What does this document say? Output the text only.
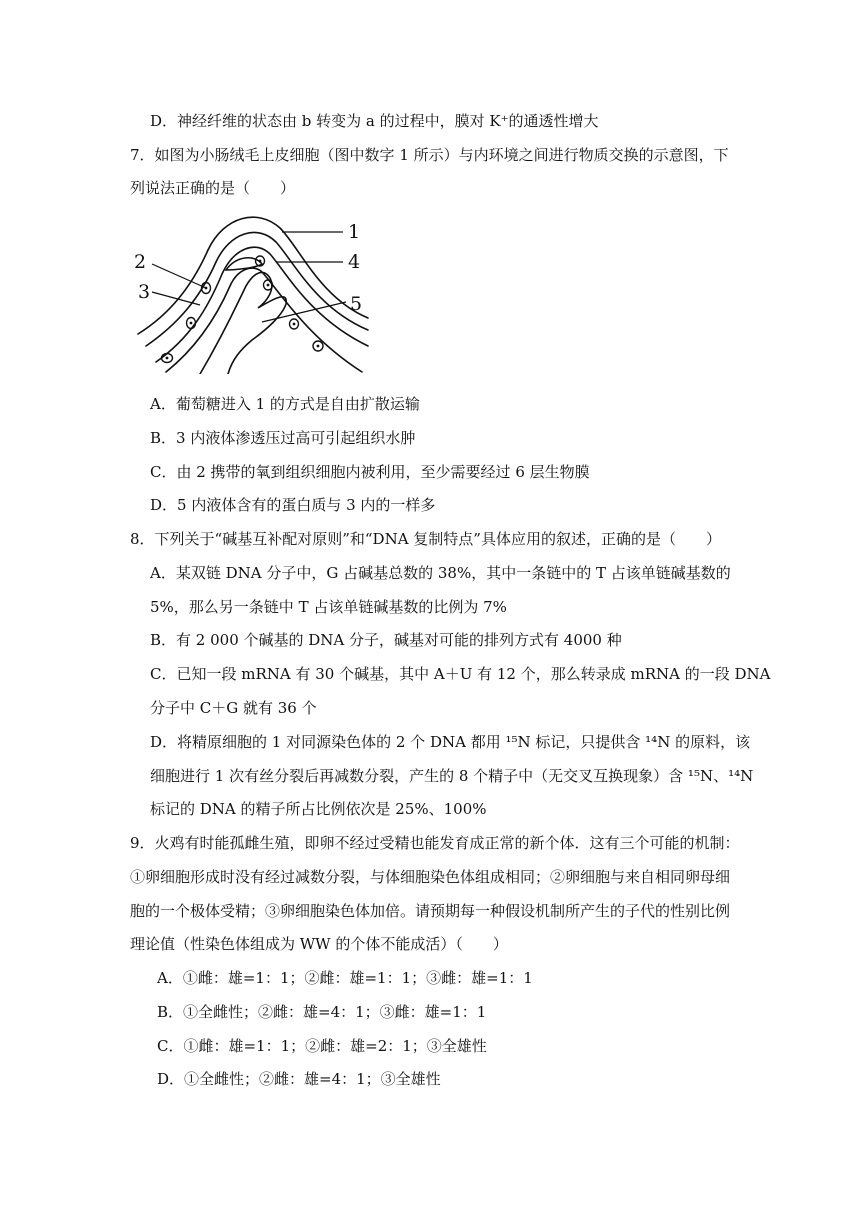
D．神经纤维的状态由 b 转变为 a 的过程中，膜对 K⁺的通透性增大
7．如图为小肠绒毛上皮细胞（图中数字 1 所示）与内环境之间进行物质交换的示意图，下
列说法正确的是（　　）
1
2
3
4
5
A．葡萄糖进入 1 的方式是自由扩散运输
B．3 内液体渗透压过高可引起组织水肿
C．由 2 携带的氧到组织细胞内被利用，至少需要经过 6 层生物膜
D．5 内液体含有的蛋白质与 3 内的一样多
8．下列关于“碱基互补配对原则”和“DNA 复制特点”具体应用的叙述，正确的是（　　）
A．某双链 DNA 分子中，G 占碱基总数的 38%，其中一条链中的 T 占该单链碱基数的
5%，那么另一条链中 T 占该单链碱基数的比例为 7%
B．有 2 000 个碱基的 DNA 分子，碱基对可能的排列方式有 4000 种
C．已知一段 mRNA 有 30 个碱基，其中 A＋U 有 12 个，那么转录成 mRNA 的一段 DNA
分子中 C＋G 就有 36 个
D．将精原细胞的 1 对同源染色体的 2 个 DNA 都用 ¹⁵N 标记，只提供含 ¹⁴N 的原料，该
细胞进行 1 次有丝分裂后再减数分裂，产生的 8 个精子中（无交叉互换现象）含 ¹⁵N、¹⁴N
标记的 DNA 的精子所占比例依次是 25%、100%
9．火鸡有时能孤雌生殖，即卵不经过受精也能发育成正常的新个体．这有三个可能的机制：
①卵细胞形成时没有经过减数分裂，与体细胞染色体组成相同；②卵细胞与来自相同卵母细
胞的一个极体受精；③卵细胞染色体加倍。请预期每一种假设机制所产生的子代的性别比例
理论值（性染色体组成为 WW 的个体不能成活）（　　）
A．①雌：雄=1：1；②雌：雄=1：1；③雌：雄=1：1
B．①全雌性；②雌：雄=4：1；③雌：雄=1：1
C．①雌：雄=1：1；②雌：雄=2：1；③全雄性
D．①全雌性；②雌：雄=4：1；③全雄性
